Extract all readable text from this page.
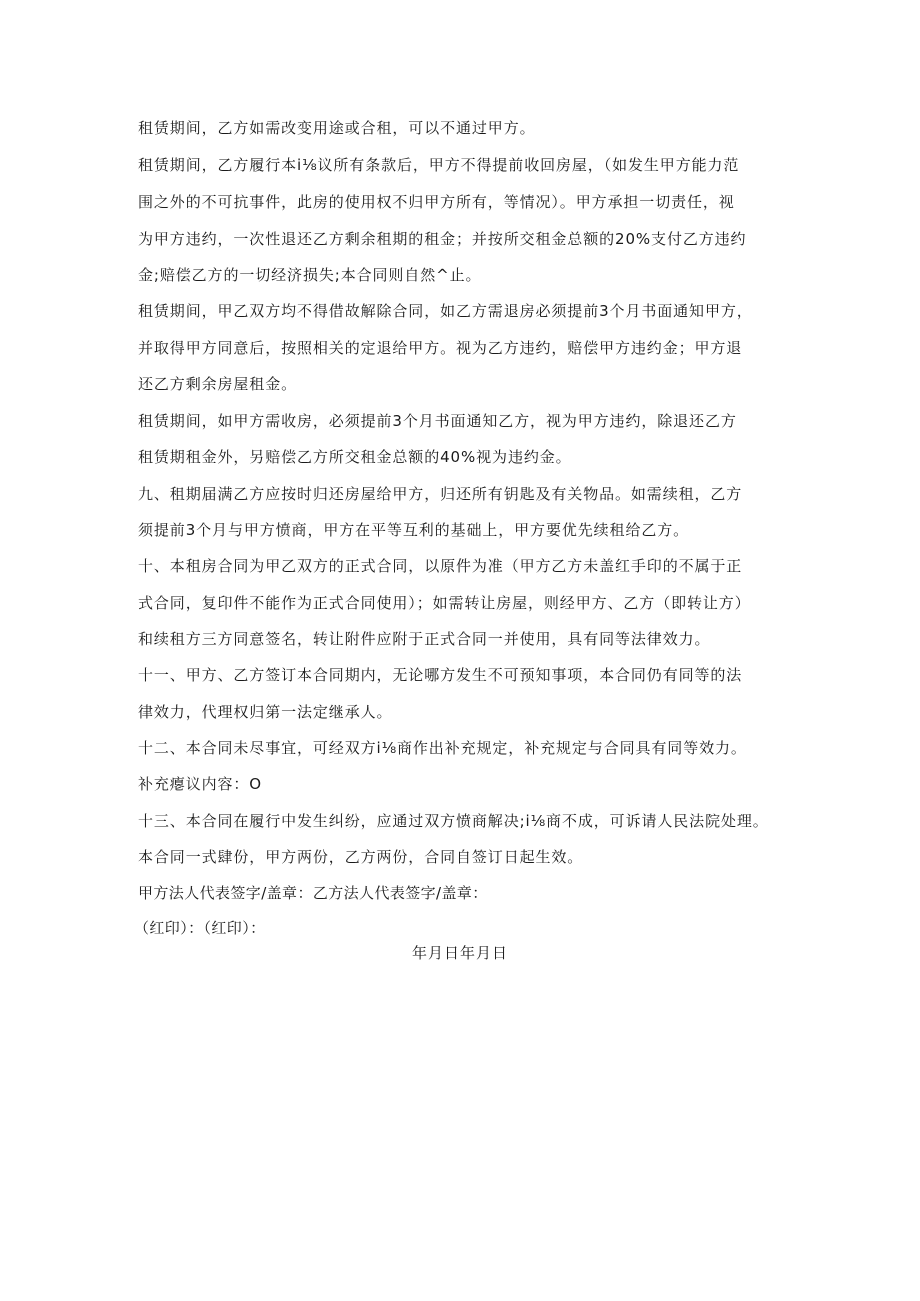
租赁期间，乙方如需改变用途或合租，可以不通过甲方。
租赁期间，乙方履行本i⅛议所有条款后，甲方不得提前收回房屋，（如发生甲方能力范
围之外的不可抗事件，此房的使用权不归甲方所有，等情况）。甲方承担一切责任，视
为甲方违约，一次性退还乙方剩余租期的租金；并按所交租金总额的20%支付乙方违约
金;赔偿乙方的一切经济损失;本合同则自然^止。
租赁期间，甲乙双方均不得借故解除合同，如乙方需退房必须提前3个月书面通知甲方，
并取得甲方同意后，按照相关的定退给甲方。视为乙方违约，赔偿甲方违约金；甲方退
还乙方剩余房屋租金。
租赁期间，如甲方需收房，必须提前3个月书面通知乙方，视为甲方违约，除退还乙方
租赁期租金外，另赔偿乙方所交租金总额的40%视为违约金。
九、租期届满乙方应按时归还房屋给甲方，归还所有钥匙及有关物品。如需续租，乙方
须提前3个月与甲方愤商，甲方在平等互利的基础上，甲方要优先续租给乙方。
十、本租房合同为甲乙双方的正式合同，以原件为准（甲方乙方未盖红手印的不属于正
式合同，复印件不能作为正式合同使用）；如需转让房屋，则经甲方、乙方（即转让方）
和续租方三方同意签名，转让附件应附于正式合同一并使用，具有同等法律效力。
十一、甲方、乙方签订本合同期内，无论哪方发生不可预知事项，本合同仍有同等的法
律效力，代理权归第一法定继承人。
十二、本合同未尽事宜，可经双方i⅛商作出补充规定，补充规定与合同具有同等效力。
补充瘪议内容：O
十三、本合同在履行中发生纠纷，应通过双方愤商解决;i⅛商不成，可诉请人民法院处理。
本合同一式肆份，甲方两份，乙方两份，合同自签订日起生效。
甲方法人代表签字/盖章：乙方法人代表签字/盖章：
（红印）：（红印）：
年月日年月日
